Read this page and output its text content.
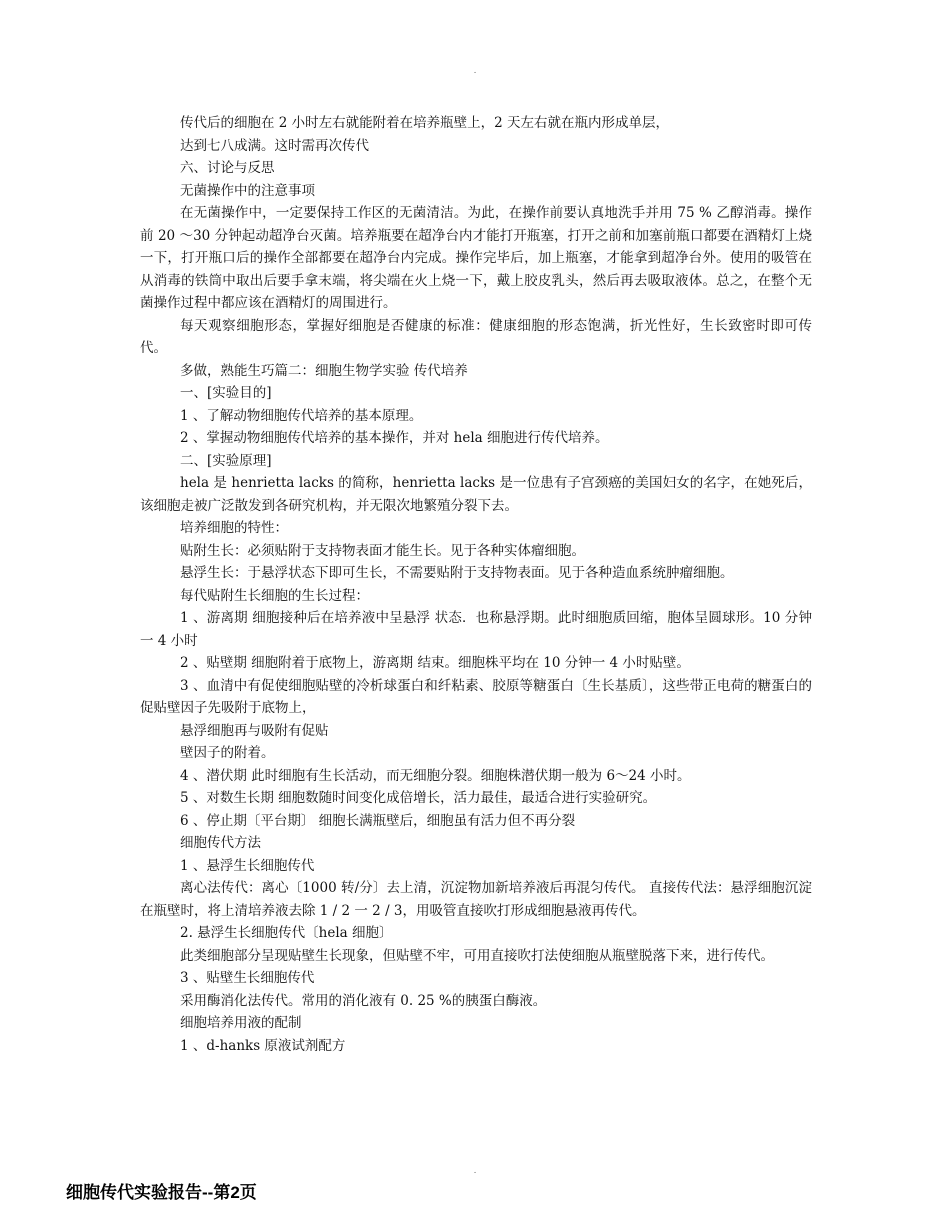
.

传代后的细胞在 2 小时左右就能附着在培养瓶壁上，2 天左右就在瓶内形成单层，

达到七八成满。这时需再次传代

六、讨论与反思

无菌操作中的注意事项

在无菌操作中，一定要保持工作区的无菌清洁。为此，在操作前要认真地洗手并用 75 % 乙醇消毒。操作前 20 ～30 分钟起动超净台灭菌。培养瓶要在超净台内才能打开瓶塞，打开之前和加塞前瓶口都要在酒精灯上烧一下，打开瓶口后的操作全部都要在超净台内完成。操作完毕后，加上瓶塞，才能拿到超净台外。使用的吸管在从消毒的铁筒中取出后要手拿末端，将尖端在火上烧一下，戴上胶皮乳头，然后再去吸取液体。总之，在整个无菌操作过程中都应该在酒精灯的周围进行。

每天观察细胞形态，掌握好细胞是否健康的标准：健康细胞的形态饱满，折光性好，生长致密时即可传代。

多做，熟能生巧篇二：细胞生物学实验 传代培养

一、[实验目的]

1 、了解动物细胞传代培养的基本原理。

2 、掌握动物细胞传代培养的基本操作，并对 hela 细胞进行传代培养。

二、[实验原理]

hela 是 henrietta lacks 的简称，henrietta lacks 是一位患有子宫颈癌的美国妇女的名字，在她死后，该细胞走被广泛散发到各研究机构，并无限次地繁殖分裂下去。

培养细胞的特性：

贴附生长：必须贴附于支持物表面才能生长。见于各种实体瘤细胞。

悬浮生长：于悬浮状态下即可生长，不需要贴附于支持物表面。见于各种造血系统肿瘤细胞。

每代贴附生长细胞的生长过程：

1 、游离期 细胞接种后在培养液中呈悬浮 状态．也称悬浮期。此时细胞质回缩，胞体呈圆球形。10 分钟一 4 小时

2 、贴壁期 细胞附着于底物上，游离期 结束。细胞株平均在 10 分钟一 4 小时贴壁。

3 、血清中有促使细胞贴壁的冷析球蛋白和纤粘素、胶原等糖蛋白〔生长基质〕，这些带正电荷的糖蛋白的促贴壁因子先吸附于底物上，

悬浮细胞再与吸附有促贴

壁因子的附着。

4 、潜伏期 此时细胞有生长活动，而无细胞分裂。细胞株潜伏期一般为 6～24 小时。

5 、对数生长期 细胞数随时间变化成倍增长，活力最佳，最适合进行实验研究。

6 、停止期〔平台期〕 细胞长满瓶壁后，细胞虽有活力但不再分裂

细胞传代方法

1 、悬浮生长细胞传代

离心法传代：离心〔1000 转/分〕去上清，沉淀物加新培养液后再混匀传代。 直接传代法：悬浮细胞沉淀在瓶壁时，将上清培养液去除 1 / 2 一 2 / 3，用吸管直接吹打形成细胞悬液再传代。

2. 悬浮生长细胞传代〔hela 细胞〕

此类细胞部分呈现贴壁生长现象，但贴壁不牢，可用直接吹打法使细胞从瓶壁脱落下来，进行传代。

3 、贴壁生长细胞传代

采用酶消化法传代。常用的消化液有 0. 25 %的胰蛋白酶液。

细胞培养用液的配制

1 、d-hanks 原液试剂配方

.
细胞传代实验报告--第2页
